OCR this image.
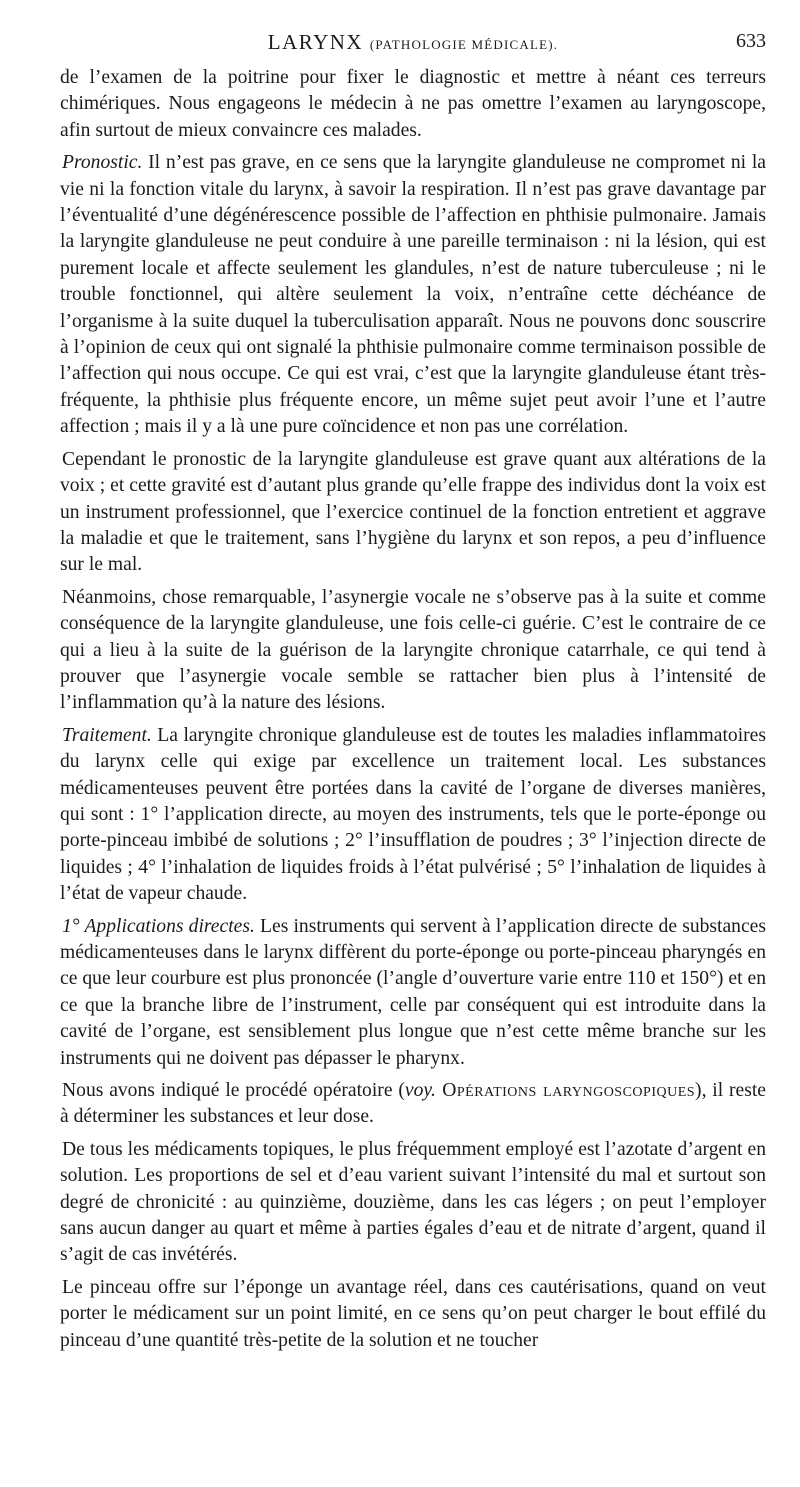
LARYNX (PATHOLOGIE MÉDICALE).	633

de l’examen de la poitrine pour fixer le diagnostic et mettre à néant ces terreurs chimériques. Nous engageons le médecin à ne pas omettre l’examen au laryngoscope, afin surtout de mieux convaincre ces malades.

Pronostic. Il n’est pas grave, en ce sens que la laryngite glanduleuse ne compromet ni la vie ni la fonction vitale du larynx, à savoir la respiration. Il n’est pas grave davantage par l’éventualité d’une dégénérescence possible de l’affection en phthisie pulmonaire. Jamais la laryngite glanduleuse ne peut conduire à une pareille terminaison : ni la lésion, qui est purement locale et affecte seulement les glandules, n’est de nature tuberculeuse ; ni le trouble fonctionnel, qui altère seulement la voix, n’entraîne cette déchéance de l’organisme à la suite duquel la tuberculisation apparaît. Nous ne pouvons donc souscrire à l’opinion de ceux qui ont signalé la phthisie pulmonaire comme terminaison possible de l’affection qui nous occupe. Ce qui est vrai, c’est que la laryngite glanduleuse étant très-fréquente, la phthisie plus fréquente encore, un même sujet peut avoir l’une et l’autre affection ; mais il y a là une pure coïncidence et non pas une corrélation.

Cependant le pronostic de la laryngite glanduleuse est grave quant aux altérations de la voix ; et cette gravité est d’autant plus grande qu’elle frappe des individus dont la voix est un instrument professionnel, que l’exercice continuel de la fonction entretient et aggrave la maladie et que le traitement, sans l’hygiène du larynx et son repos, a peu d’influence sur le mal.

Néanmoins, chose remarquable, l’asynergie vocale ne s’observe pas à la suite et comme conséquence de la laryngite glanduleuse, une fois celle-ci guérie. C’est le contraire de ce qui a lieu à la suite de la guérison de la laryngite chronique catarrhale, ce qui tend à prouver que l’asynergie vocale semble se rattacher bien plus à l’intensité de l’inflammation qu’à la nature des lésions.

Traitement. La laryngite chronique glanduleuse est de toutes les maladies inflammatoires du larynx celle qui exige par excellence un traitement local. Les substances médicamenteuses peuvent être portées dans la cavité de l’organe de diverses manières, qui sont : 1° l’application directe, au moyen des instruments, tels que le porte-éponge ou porte-pinceau imbibé de solutions ; 2° l’insufflation de poudres ; 3° l’injection directe de liquides ; 4° l’inhalation de liquides froids à l’état pulvérisé ; 5° l’inhalation de liquides à l’état de vapeur chaude.

1° Applications directes. Les instruments qui servent à l’application directe de substances médicamenteuses dans le larynx diffèrent du porte-éponge ou porte-pinceau pharyngés en ce que leur courbure est plus prononcée (l’angle d’ouverture varie entre 110 et 150°) et en ce que la branche libre de l’instrument, celle par conséquent qui est introduite dans la cavité de l’organe, est sensiblement plus longue que n’est cette même branche sur les instruments qui ne doivent pas dépasser le pharynx.

Nous avons indiqué le procédé opératoire (voy. Opérations laryngoscopiques), il reste à déterminer les substances et leur dose.

De tous les médicaments topiques, le plus fréquemment employé est l’azotate d’argent en solution. Les proportions de sel et d’eau varient suivant l’intensité du mal et surtout son degré de chronicité : au quinzième, douzième, dans les cas légers ; on peut l’employer sans aucun danger au quart et même à parties égales d’eau et de nitrate d’argent, quand il s’agit de cas invétérés.

Le pinceau offre sur l’éponge un avantage réel, dans ces cautérisations, quand on veut porter le médicament sur un point limité, en ce sens qu’on peut charger le bout effilé du pinceau d’une quantité très-petite de la solution et ne toucher
